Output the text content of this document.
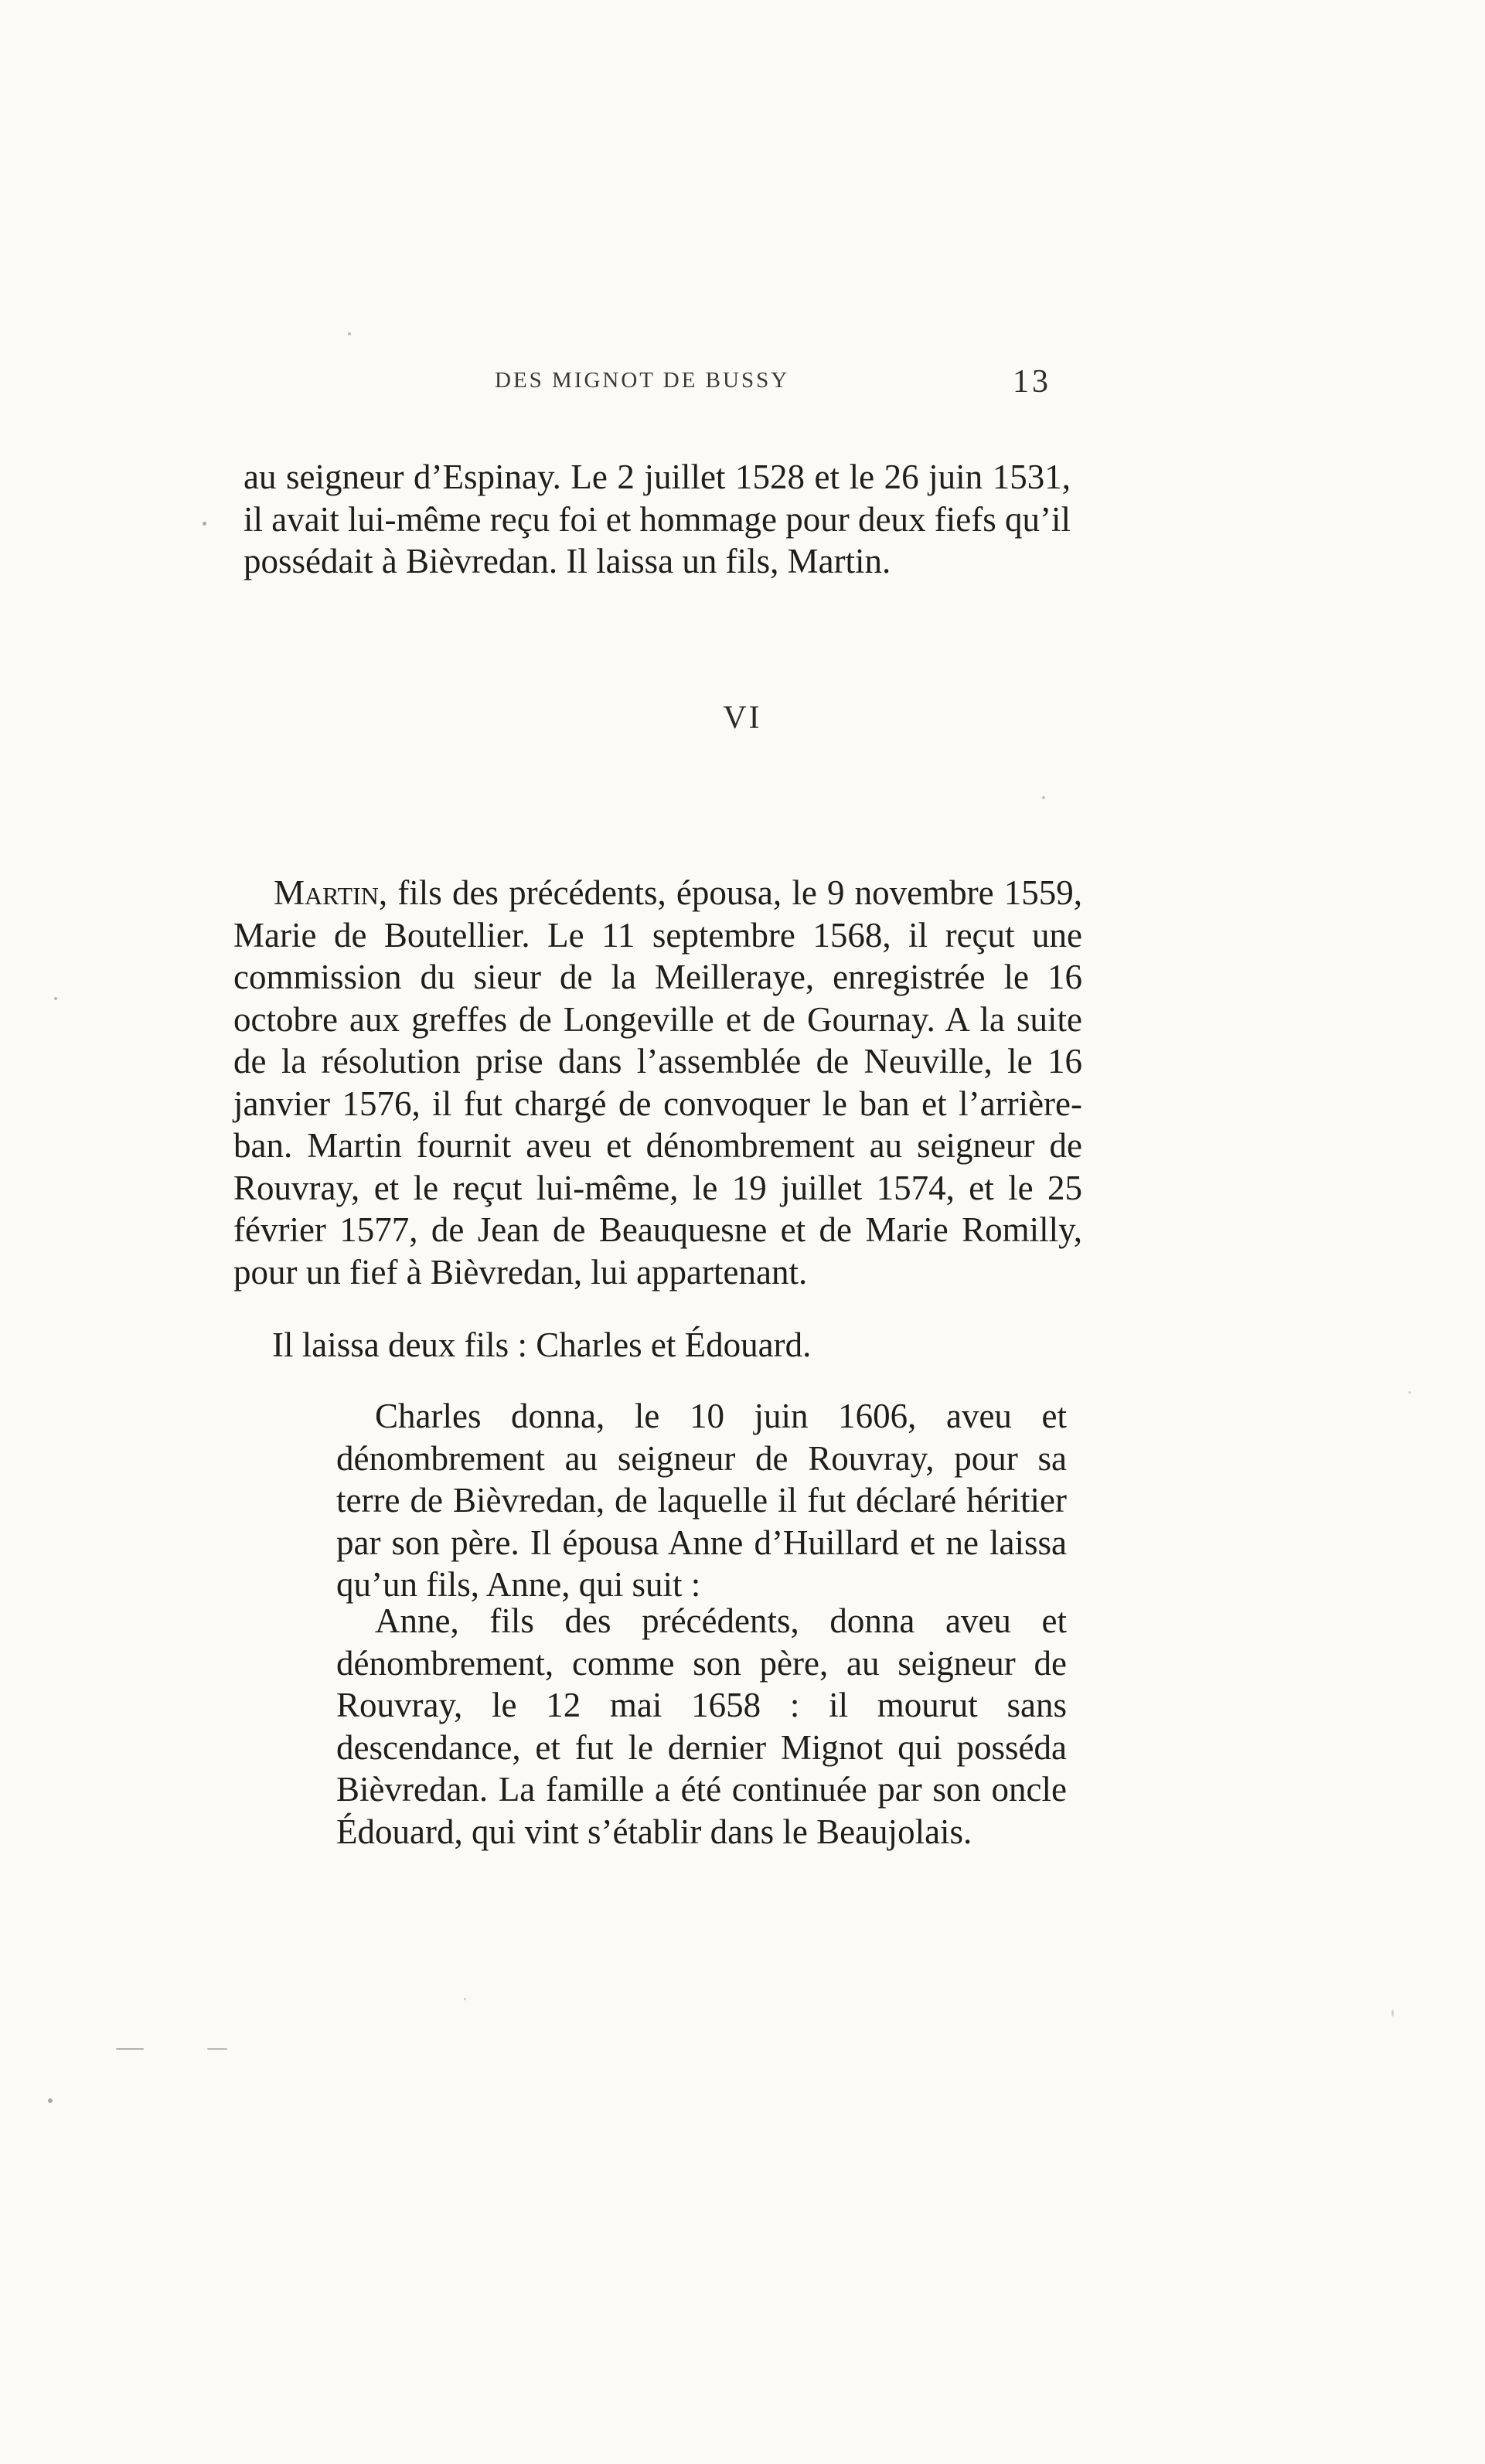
DES MIGNOT DE BUSSY	13

au seigneur d’Espinay. Le 2 juillet 1528 et le 26 juin 1531, il avait lui-même reçu foi et hommage pour deux fiefs qu’il possédait à Bièvredan. Il laissa un fils, Martin.

VI

Martin, fils des précédents, épousa, le 9 novembre 1559, Marie de Boutellier. Le 11 septembre 1568, il reçut une commission du sieur de la Meilleraye, enregistrée le 16 octobre aux greffes de Longeville et de Gournay. A la suite de la résolution prise dans l’assemblée de Neuville, le 16 janvier 1576, il fut chargé de convoquer le ban et l’arrière-ban. Martin fournit aveu et dénombrement au seigneur de Rouvray, et le reçut lui-même, le 19 juillet 1574, et le 25 février 1577, de Jean de Beauquesne et de Marie Romilly, pour un fief à Bièvredan, lui appartenant.

Il laissa deux fils : Charles et Édouard.

Charles donna, le 10 juin 1606, aveu et dénombrement au seigneur de Rouvray, pour sa terre de Bièvredan, de laquelle il fut déclaré héritier par son père. Il épousa Anne d’Huillard et ne laissa qu’un fils, Anne, qui suit :

Anne, fils des précédents, donna aveu et dénombrement, comme son père, au seigneur de Rouvray, le 12 mai 1658 : il mourut sans descendance, et fut le dernier Mignot qui posséda Bièvredan. La famille a été continuée par son oncle Édouard, qui vint s’établir dans le Beaujolais.
